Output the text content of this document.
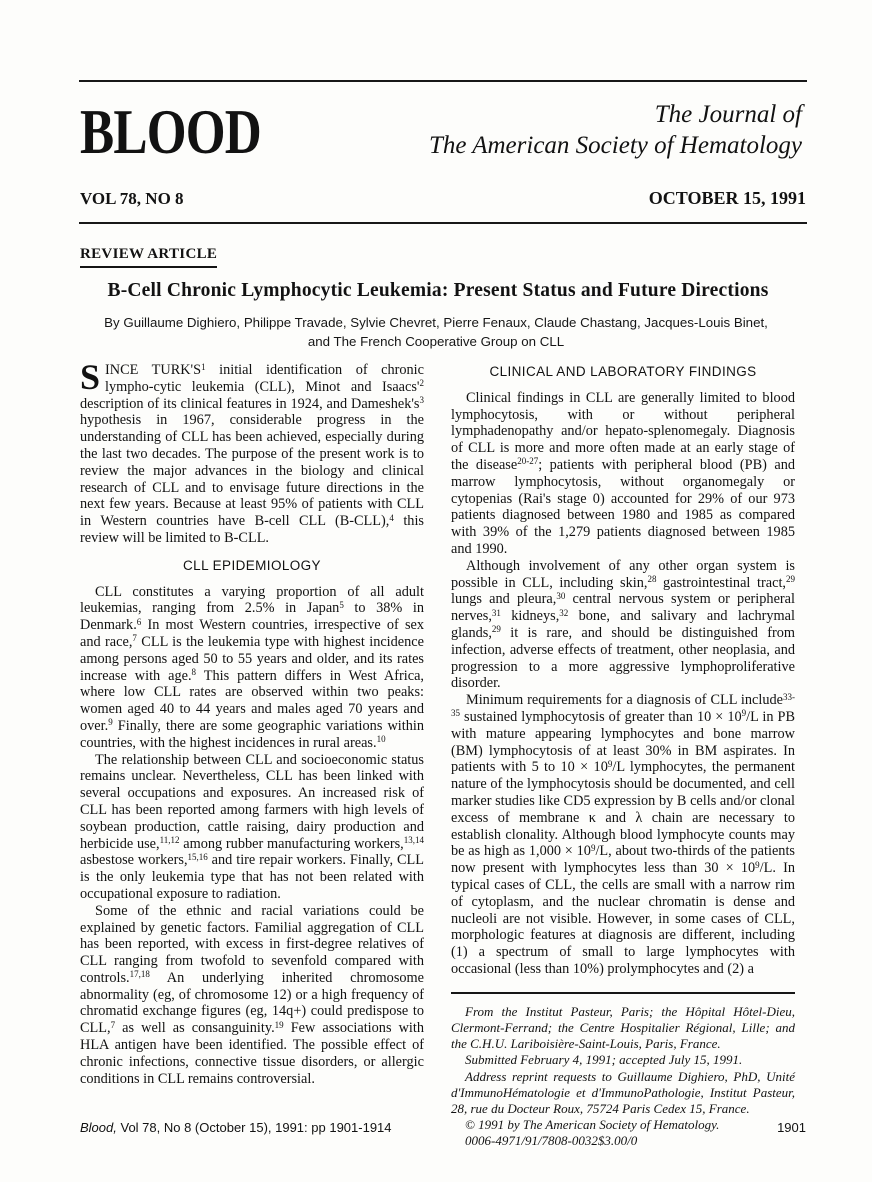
BLOOD	The Journal of
The American Society of Hematology
VOL 78, NO 8	OCTOBER 15, 1991
REVIEW ARTICLE
B-Cell Chronic Lymphocytic Leukemia: Present Status and Future Directions
By Guillaume Dighiero, Philippe Travade, Sylvie Chevret, Pierre Fenaux, Claude Chastang, Jacques-Louis Binet,
and The French Cooperative Group on CLL

SINCE $TURK'S^1$ initial identification of chronic lympho-cytic leukemia (CLL), Minot and $Isaacs'^2$ description of its clinical features in 1924, and $Dameshek's^3$ hypothesis in 1967, considerable progress in the understanding of CLL has been achieved, especially during the last two decades. The purpose of the present work is to review the major advances in the biology and clinical research of CLL and to envisage future directions in the next few years. Because at least 95% of patients with CLL in Western countries have B-cell CLL (B-CLL),$^4$ this review will be limited to B-CLL.

CLL EPIDEMIOLOGY

CLL constitutes a varying proportion of all adult leukemias, ranging from 2.5% in Japan$^5$ to 38% in Denmark.$^6$ In most Western countries, irrespective of sex and race,$^7$ CLL is the leukemia type with highest incidence among persons aged 50 to 55 years and older, and its rates increase with age.$^8$ This pattern differs in West Africa, where low CLL rates are observed within two peaks: women aged 40 to 44 years and males aged 70 years and over.$^9$ Finally, there are some geographic variations within countries, with the highest incidences in rural areas.$^{10}$

The relationship between CLL and socioeconomic status remains unclear. Nevertheless, CLL has been linked with several occupations and exposures. An increased risk of CLL has been reported among farmers with high levels of soybean production, cattle raising, dairy production and herbicide use,$^{11,12}$ among rubber manufacturing workers,$^{13,14}$ asbestose workers,$^{15,16}$ and tire repair workers. Finally, CLL is the only leukemia type that has not been related with occupational exposure to radiation.

Some of the ethnic and racial variations could be explained by genetic factors. Familial aggregation of CLL has been reported, with excess in first-degree relatives of CLL ranging from twofold to sevenfold compared with controls.$^{17,18}$ An underlying inherited chromosome abnormality (eg, of chromosome 12) or a high frequency of chromatid exchange figures (eg, 14q+) could predispose to CLL,$^7$ as well as consanguinity.$^{19}$ Few associations with HLA antigen have been identified. The possible effect of chronic infections, connective tissue disorders, or allergic conditions in CLL remains controversial.

CLINICAL AND LABORATORY FINDINGS

Clinical findings in CLL are generally limited to blood lymphocytosis, with or without peripheral lymphadenopathy and/or hepato-splenomegaly. Diagnosis of CLL is more and more often made at an early stage of the disease$^{20-27}$; patients with peripheral blood (PB) and marrow lymphocytosis, without organomegaly or cytopenias (Rai's stage 0) accounted for 29% of our 973 patients diagnosed between 1980 and 1985 as compared with 39% of the 1,279 patients diagnosed between 1985 and 1990.

Although involvement of any other organ system is possible in CLL, including skin,$^{28}$ gastrointestinal tract,$^{29}$ lungs and pleura,$^{30}$ central nervous system or peripheral nerves,$^{31}$ kidneys,$^{32}$ bone, and salivary and lachrymal glands,$^{29}$ it is rare, and should be distinguished from infection, adverse effects of treatment, other neoplasia, and progression to a more aggressive lymphoproliferative disorder.

Minimum requirements for a diagnosis of CLL include$^{33-35}$ sustained lymphocytosis of greater than $10 \times 10^9/L$ in PB with mature appearing lymphocytes and bone marrow (BM) lymphocytosis of at least 30% in BM aspirates. In patients with 5 to $10 \times 10^9/L$ lymphocytes, the permanent nature of the lymphocytosis should be documented, and cell marker studies like CD5 expression by B cells and/or clonal excess of membrane κ and λ chain are necessary to establish clonality. Although blood lymphocyte counts may be as high as $1,000 \times 10^9/L$, about two-thirds of the patients now present with lymphocytes less than $30 \times 10^9/L$. In typical cases of CLL, the cells are small with a narrow rim of cytoplasm, and the nuclear chromatin is dense and nucleoli are not visible. However, in some cases of CLL, morphologic features at diagnosis are different, including (1) a spectrum of small to large lymphocytes with occasional (less than 10%) prolymphocytes and (2) a

From the Institut Pasteur, Paris; the Hôpital Hôtel-Dieu, Clermont-Ferrand; the Centre Hospitalier Régional, Lille; and the C.H.U. Lariboisière-Saint-Louis, Paris, France.

Submitted February 4, 1991; accepted July 15, 1991.

Address reprint requests to Guillaume Dighiero, PhD, Unité d'ImmunoHématologie et d'ImmunoPathologie, Institut Pasteur, 28, rue du Docteur Roux, 75724 Paris Cedex 15, France.

© 1991 by The American Society of Hematology.

0006-4971/91/7808-0032$3.00/0

Blood, Vol 78, No 8 (October 15), 1991: pp 1901-1914	1901
